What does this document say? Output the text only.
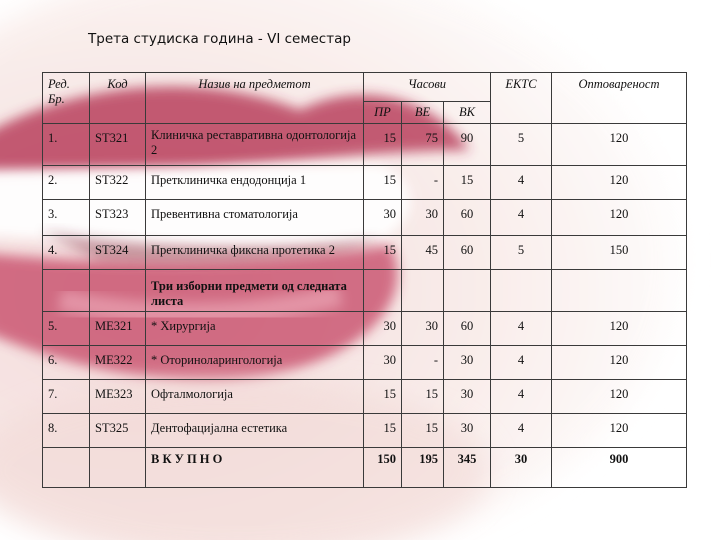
Трета студиска година - VI семестар
Ред. Бр.	Код	Назив на предметот	Часови			ЕКТС	Оптовареност
			ПР	ВЕ	ВК		
1.	ST321	Клиничка реставративна одонтологија 2	15	75	90	5	120
2.	ST322	Претклиничка ендодонција 1	15	-	15	4	120
3.	ST323	Превентивна стоматологија	30	30	60	4	120
4.	ST324	Претклиничка фиксна протетика 2	15	45	60	5	150
		Три изборни предмети од следната листа					
5.	ME321	* Хирургија	30	30	60	4	120
6.	ME322	* Оториноларингологија	30	-	30	4	120
7.	ME323	Офталмологија	15	15	30	4	120
8.	ST325	Дентофацијална естетика	15	15	30	4	120
		В К У П Н О	150	195	345	30	900
